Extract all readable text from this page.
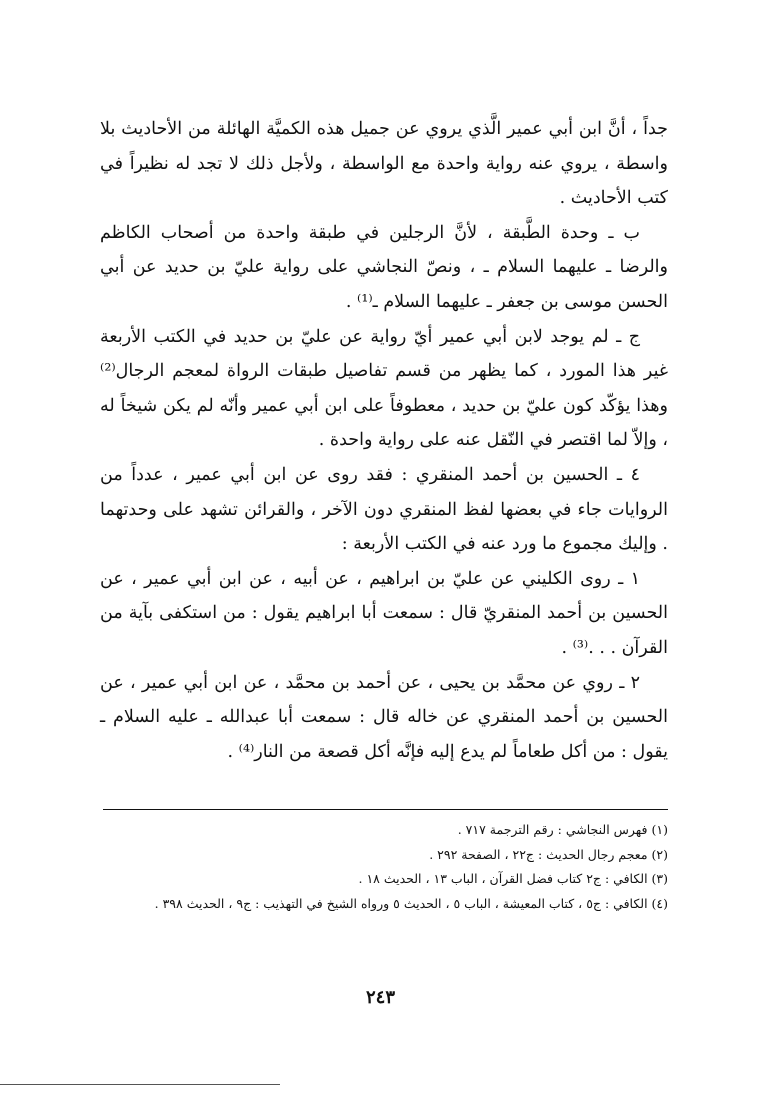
جداً ، أنَّ ابن أبي عمير الَّذي يروي عن جميل هذه الكميَّة الهائلة من الأحاديث بلا واسطة ، يروي عنه رواية واحدة مع الواسطة ، ولأجل ذلك لا تجد له نظيراً في كتب الأحاديث .

ب ـ وحدة الطَّبقة ، لأنَّ الرجلين في طبقة واحدة من أصحاب الكاظم والرضا ـ عليهما السلام ـ ، ونصّ النجاشي على رواية عليّ بن حديد عن أبي الحسن موسى بن جعفر ـ عليهما السلام ـ⁽¹⁾ .

ج ـ لم يوجد لابن أبي عمير أيّ رواية عن عليّ بن حديد في الكتب الأربعة غير هذا المورد ، كما يظهر من قسم تفاصيل طبقات الرواة لمعجم الرجال⁽²⁾ وهذا يؤكّد كون عليّ بن حديد ، معطوفاً على ابن أبي عمير وأنّه لم يكن شيخاً له ، وإلاّ لما اقتصر في النّقل عنه على رواية واحدة .

٤ ـ الحسين بن أحمد المنقري : فقد روى عن ابن أبي عمير ، عدداً من الروايات جاء في بعضها لفظ المنقري دون الآخر ، والقرائن تشهد على وحدتهما . وإليك مجموع ما ورد عنه في الكتب الأربعة :

١ ـ روى الكليني عن عليّ بن ابراهيم ، عن أبيه ، عن ابن أبي عمير ، عن الحسين بن أحمد المنقريّ قال : سمعت أبا ابراهيم يقول : من استكفى بآية من القرآن . . .⁽³⁾ .

٢ ـ روي عن محمَّد بن يحيى ، عن أحمد بن محمَّد ، عن ابن أبي عمير ، عن الحسين بن أحمد المنقري عن خاله قال : سمعت أبا عبدالله ـ عليه السلام ـ يقول : من أكل طعاماً لم يدع إليه فإنَّه أكل قصعة من النار⁽⁴⁾ .

(١) فهرس النجاشي : رقم الترجمة ٧١٧ .

(٢) معجم رجال الحديث : ج٢٢ ، الصفحة ٢٩٢ .

(٣) الكافي : ج٢ كتاب فضل القرآن ، الباب ١٣ ، الحديث ١٨ .

(٤) الكافي : ج٥ ، كتاب المعيشة ، الباب ٥ ، الحديث ٥ ورواه الشيخ في التهذيب : ج٩ ، الحديث ٣٩٨ .

٢٤٣
